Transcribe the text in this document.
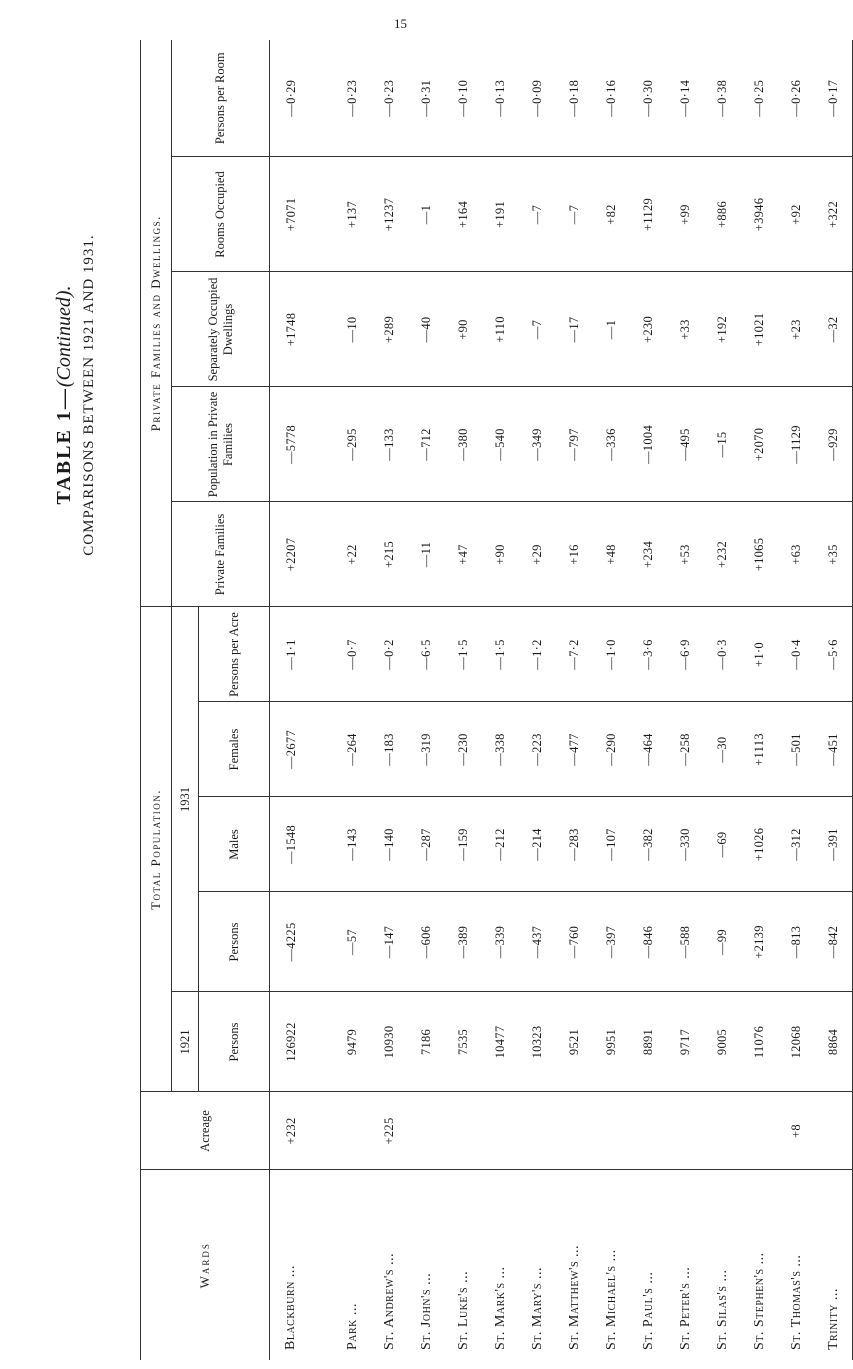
15
TABLE 1—(Continued). COMPARISONS BETWEEN 1921 AND 1931.
Wards	Acreage	Total Population.					Private Families and Dwellings.				
		1921	1931				Private Families	Population in Private Families	Separately Occupied Dwellings	Rooms Occupied	Persons per Room
		Persons	Persons	Males	Females	Persons per Acre					
Blackburn ...	+232	126922	—4225	—1548	—2677	—1·1	+2207	—5778	+1748	+7071	—0·29

Park ...		9479	—57	—143	—264	—0·7	+22	—295	—10	+137	—0·23
St. Andrew's ...	+225	10930	—147	—140	—183	—0·2	+215	—133	+289	+1237	—0·23
St. John's ...		7186	—606	—287	—319	—6·5	—11	—712	—40	—1	—0·31
St. Luke's ...		7535	—389	—159	—230	—1·5	+47	—380	+90	+164	—0·10
St. Mark's ...		10477	—339	—212	—338	—1·5	+90	—540	+110	+191	—0·13
St. Mary's ...		10323	—437	—214	—223	—1·2	+29	—349	—7	—7	—0·09
St. Matthew's ...		9521	—760	—283	—477	—7·2	+16	—797	—17	—7	—0·18
St. Michael's ...		9951	—397	—107	—290	—1·0	+48	—336	—1	+82	—0·16
St. Paul's ...		8891	—846	—382	—464	—3·6	+234	—1004	+230	+1129	—0·30
St. Peter's ...		9717	—588	—330	—258	—6·9	+53	—495	+33	+99	—0·14
St. Silas's ...		9005	—99	—69	—30	—0·3	+232	—15	+192	+886	—0·38
St. Stephen's ...		11076	+2139	+1026	+1113	+1·0	+1065	+2070	+1021	+3946	—0·25
St. Thomas's ...	+8	12068	—813	—312	—501	—0·4	+63	—1129	+23	+92	—0·26
Trinity ...		8864	—842	—391	—451	—5·6	+35	—929	—32	+322	—0·17
